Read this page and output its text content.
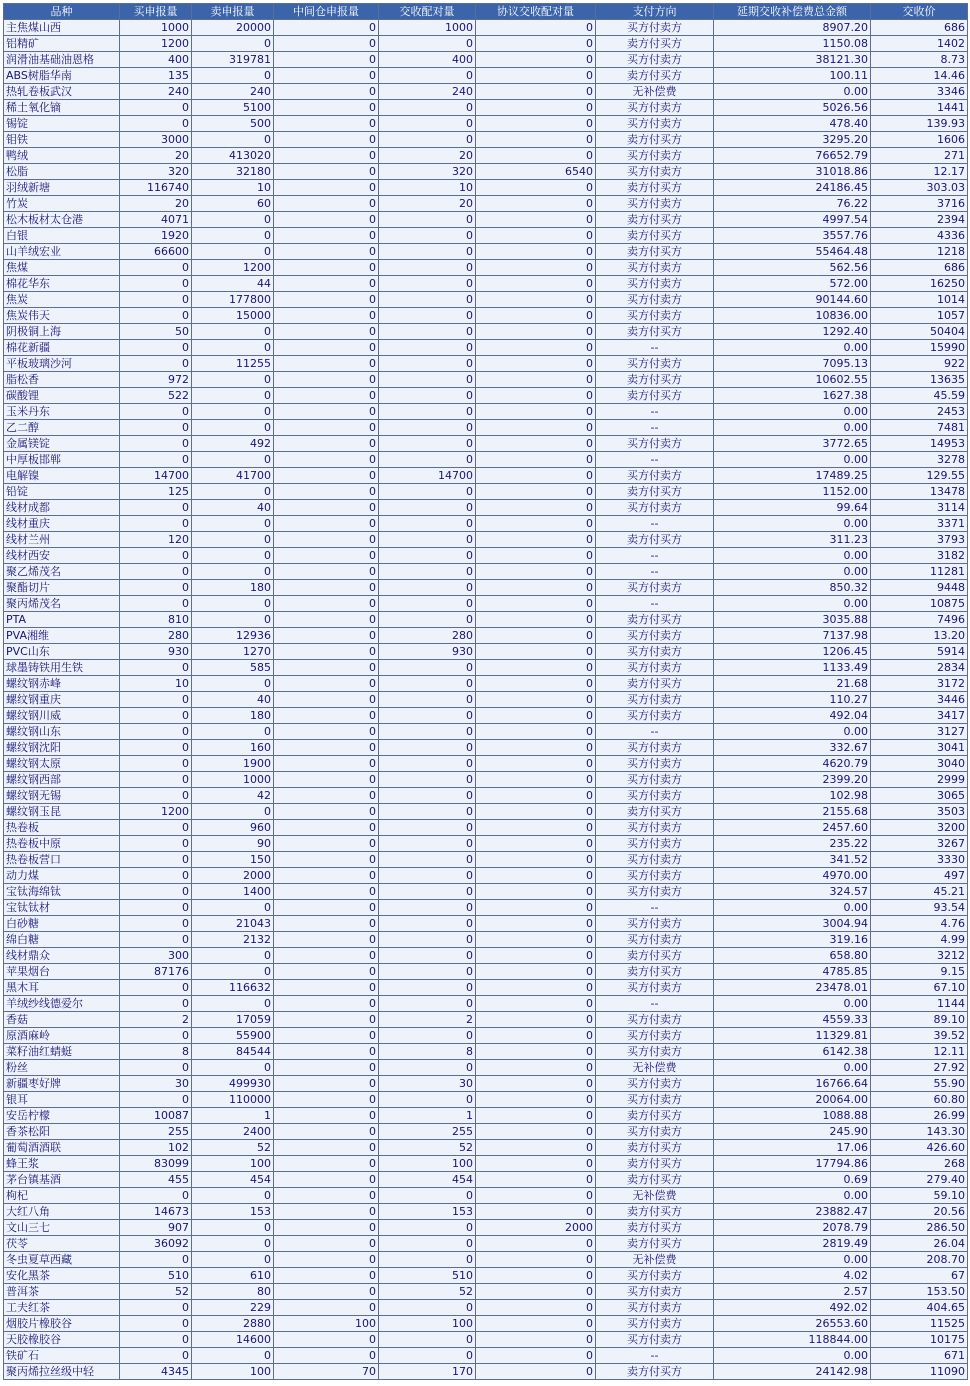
品种	买申报量	卖申报量	中间仓申报量	交收配对量	协议交收配对量	支付方向	延期交收补偿费总金额	交收价
主焦煤山西	1000	20000	0	1000	0	买方付卖方	8907.20	686
铝精矿	1200	0	0	0	0	卖方付买方	1150.08	1402
润滑油基础油恩格	400	319781	0	400	0	买方付卖方	38121.30	8.73
ABS树脂华南	135	0	0	0	0	卖方付买方	100.11	14.46
热轧卷板武汉	240	240	0	240	0	无补偿费	0.00	3346
稀土氧化镝	0	5100	0	0	0	买方付卖方	5026.56	1441
锡锭	0	500	0	0	0	买方付卖方	478.40	139.93
钼铁	3000	0	0	0	0	卖方付买方	3295.20	1606
鸭绒	20	413020	0	20	0	买方付卖方	76652.79	271
松脂	320	32180	0	320	6540	买方付卖方	31018.86	12.17
羽绒新塘	116740	10	0	10	0	卖方付买方	24186.45	303.03
竹炭	20	60	0	20	0	买方付卖方	76.22	3716
松木板材太仓港	4071	0	0	0	0	卖方付买方	4997.54	2394
白银	1920	0	0	0	0	卖方付买方	3557.76	4336
山羊绒宏业	66600	0	0	0	0	卖方付买方	55464.48	1218
焦煤	0	1200	0	0	0	买方付卖方	562.56	686
棉花华东	0	44	0	0	0	买方付卖方	572.00	16250
焦炭	0	177800	0	0	0	买方付卖方	90144.60	1014
焦炭伟天	0	15000	0	0	0	买方付卖方	10836.00	1057
阴极铜上海	50	0	0	0	0	卖方付买方	1292.40	50404
棉花新疆	0	0	0	0	0	--	0.00	15990
平板玻璃沙河	0	11255	0	0	0	买方付卖方	7095.13	922
脂松香	972	0	0	0	0	卖方付买方	10602.55	13635
碳酸锂	522	0	0	0	0	卖方付买方	1627.38	45.59
玉米丹东	0	0	0	0	0	--	0.00	2453
乙二醇	0	0	0	0	0	--	0.00	7481
金属镁锭	0	492	0	0	0	买方付卖方	3772.65	14953
中厚板邯郸	0	0	0	0	0	--	0.00	3278
电解镍	14700	41700	0	14700	0	买方付卖方	17489.25	129.55
铅锭	125	0	0	0	0	卖方付买方	1152.00	13478
线材成都	0	40	0	0	0	买方付卖方	99.64	3114
线材重庆	0	0	0	0	0	--	0.00	3371
线材兰州	120	0	0	0	0	卖方付买方	311.23	3793
线材西安	0	0	0	0	0	--	0.00	3182
聚乙烯茂名	0	0	0	0	0	--	0.00	11281
聚酯切片	0	180	0	0	0	买方付卖方	850.32	9448
聚丙烯茂名	0	0	0	0	0	--	0.00	10875
PTA	810	0	0	0	0	卖方付买方	3035.88	7496
PVA湘维	280	12936	0	280	0	买方付卖方	7137.98	13.20
PVC山东	930	1270	0	930	0	买方付卖方	1206.45	5914
球墨铸铁用生铁	0	585	0	0	0	买方付卖方	1133.49	2834
螺纹钢赤峰	10	0	0	0	0	卖方付买方	21.68	3172
螺纹钢重庆	0	40	0	0	0	买方付卖方	110.27	3446
螺纹钢川威	0	180	0	0	0	买方付卖方	492.04	3417
螺纹钢山东	0	0	0	0	0	--	0.00	3127
螺纹钢沈阳	0	160	0	0	0	买方付卖方	332.67	3041
螺纹钢太原	0	1900	0	0	0	买方付卖方	4620.79	3040
螺纹钢西部	0	1000	0	0	0	买方付卖方	2399.20	2999
螺纹钢无锡	0	42	0	0	0	买方付卖方	102.98	3065
螺纹钢玉昆	1200	0	0	0	0	卖方付买方	2155.68	3503
热卷板	0	960	0	0	0	买方付卖方	2457.60	3200
热卷板中原	0	90	0	0	0	买方付卖方	235.22	3267
热卷板营口	0	150	0	0	0	买方付卖方	341.52	3330
动力煤	0	2000	0	0	0	买方付卖方	4970.00	497
宝钛海绵钛	0	1400	0	0	0	买方付卖方	324.57	45.21
宝钛钛材	0	0	0	0	0	--	0.00	93.54
白砂糖	0	21043	0	0	0	买方付卖方	3004.94	4.76
绵白糖	0	2132	0	0	0	买方付卖方	319.16	4.99
线材鼎众	300	0	0	0	0	卖方付买方	658.80	3212
苹果烟台	87176	0	0	0	0	卖方付买方	4785.85	9.15
黑木耳	0	116632	0	0	0	买方付卖方	23478.01	67.10
羊绒纱线德爱尔	0	0	0	0	0	--	0.00	1144
香菇	2	17059	0	2	0	买方付卖方	4559.33	89.10
原酒麻岭	0	55900	0	0	0	买方付卖方	11329.81	39.52
菜籽油红蜻蜓	8	84544	0	8	0	买方付卖方	6142.38	12.11
粉丝	0	0	0	0	0	无补偿费	0.00	27.92
新疆枣好牌	30	499930	0	30	0	买方付卖方	16766.64	55.90
银耳	0	110000	0	0	0	买方付卖方	20064.00	60.80
安岳柠檬	10087	1	0	1	0	卖方付买方	1088.88	26.99
香茶松阳	255	2400	0	255	0	买方付卖方	245.90	143.30
葡萄酒酒联	102	52	0	52	0	卖方付买方	17.06	426.60
蜂王浆	83099	100	0	100	0	卖方付买方	17794.86	268
茅台镇基酒	455	454	0	454	0	卖方付买方	0.69	279.40
枸杞	0	0	0	0	0	无补偿费	0.00	59.10
大红八角	14673	153	0	153	0	卖方付买方	23882.47	20.56
文山三七	907	0	0	0	2000	卖方付买方	2078.79	286.50
茯苓	36092	0	0	0	0	卖方付买方	2819.49	26.04
冬虫夏草西藏	0	0	0	0	0	无补偿费	0.00	208.70
安化黑茶	510	610	0	510	0	买方付卖方	4.02	67
普洱茶	52	80	0	52	0	买方付卖方	2.57	153.50
工夫红茶	0	229	0	0	0	买方付卖方	492.02	404.65
烟胶片橡胶谷	0	2880	100	100	0	买方付卖方	26553.60	11525
天胶橡胶谷	0	14600	0	0	0	买方付卖方	118844.00	10175
铁矿石	0	0	0	0	0	--	0.00	671
聚丙烯拉丝级中轻	4345	100	70	170	0	卖方付买方	24142.98	11090
